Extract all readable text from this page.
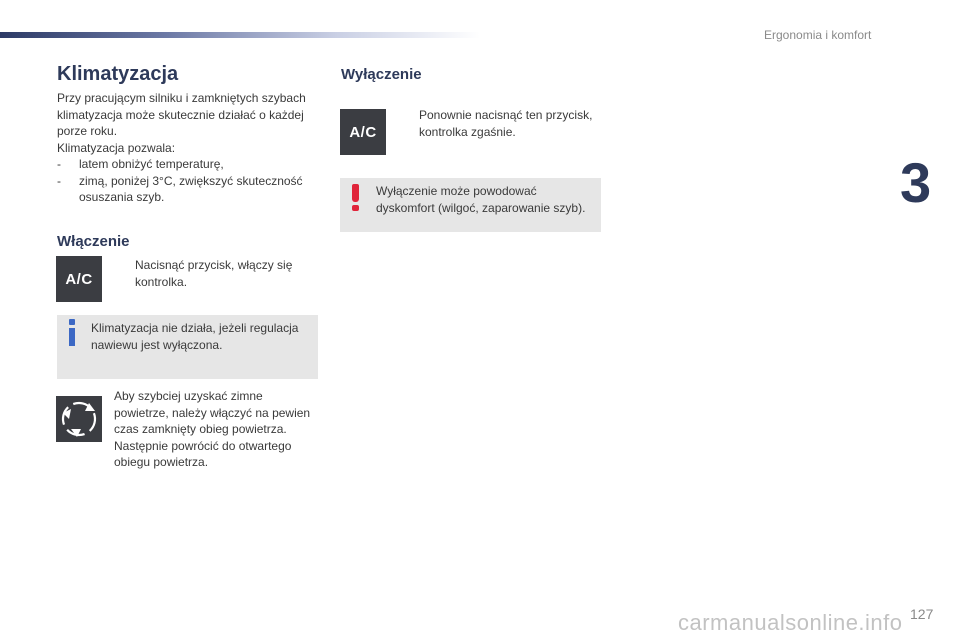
Ergonomia i komfort
3
127
Klimatyzacja
Przy pracującym silniku i zamkniętych szybach
klimatyzacja może skutecznie działać o każdej
porze roku.
Klimatyzacja pozwala:
- latem obniżyć temperaturę,
- zimą, poniżej 3°C, zwiększyć skuteczność osuszania szyb.
Włączenie
A/C
Nacisnąć przycisk, włączy się kontrolka.
Klimatyzacja nie działa, jeżeli regulacja nawiewu jest wyłączona.
Aby szybciej uzyskać zimne powietrze, należy włączyć na pewien czas zamknięty obieg powietrza. Następnie powrócić do otwartego obiegu powietrza.
Wyłączenie
A/C
Ponownie nacisnąć ten przycisk, kontrolka zgaśnie.
Wyłączenie może powodować dyskomfort (wilgoć, zaparowanie szyb).
carmanualsonline.info
